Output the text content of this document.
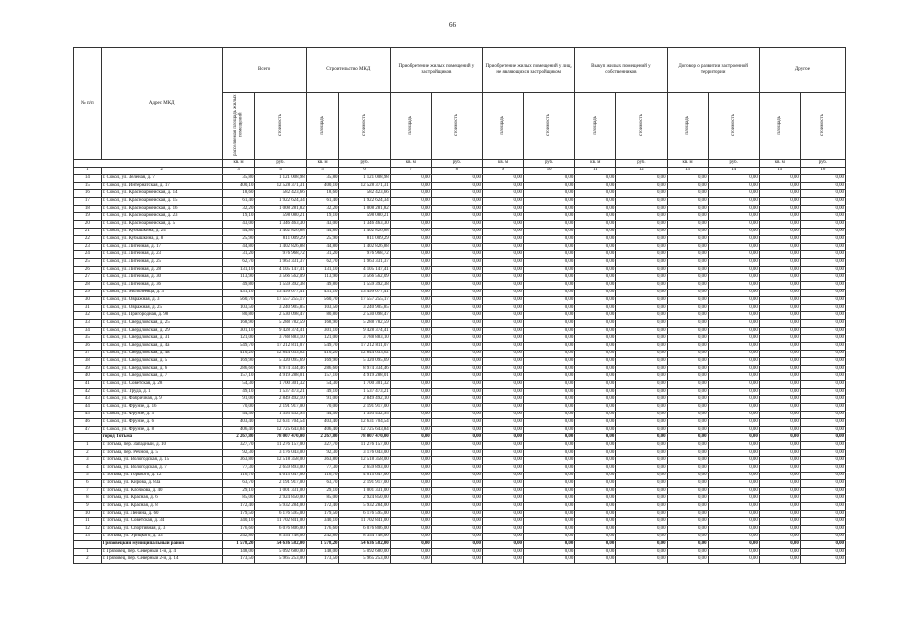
66
№ п/п	Адрес МКД	Всего		Строительство МКД		Приобретение жилых помещений у застройщиков		Приобретение жилых помещений у лиц, не являющихся застройщиком		Выкуп жилых помещений у собственников		Договор о развитии застроенной территории		Другое	
		расселяемая площадь жилых помещений	стоимость	площадь	стоимость	площадь	стоимость	площадь	стоимость	площадь	стоимость	площадь	стоимость	площадь	стоимость
		кв. м	руб.	кв. м	руб.	кв. м	руб.	кв. м	руб.	кв. м	руб.	кв. м	руб.	кв. м	руб.
1	2	3	4	5	6	7	8	9	10	11	12	13	14	15	16
14	г. Сокол, ул. Зеленая, д. 7	35,80	1 121 008,98	35,80	1 121 008,98	0,00	0,00	0,00	0,00	0,00	0,00	0,00	0,00	0,00	0,00
15	г. Сокол, ул. Интернатская, д. 17	400,10	12 528 371,31	400,10	12 528 371,31	0,00	0,00	0,00	0,00	0,00	0,00	0,00	0,00	0,00	0,00
16	г. Сокол, ул. Красноармейская, д. 14	18,60	582 423,66	18,60	582 423,66	0,00	0,00	0,00	0,00	0,00	0,00	0,00	0,00	0,00	0,00
17	г. Сокол, ул. Красноармейская, д. 15	61,40	1 922 624,34	61,40	1 922 624,34	0,00	0,00	0,00	0,00	0,00	0,00	0,00	0,00	0,00	0,00
18	г. Сокол, ул. Красноармейская, д. 16	32,20	1 008 281,82	32,20	1 008 281,82	0,00	0,00	0,00	0,00	0,00	0,00	0,00	0,00	0,00	0,00
19	г. Сокол, ул. Красноармейская, д. 23	19,10	598 080,21	19,10	598 080,21	0,00	0,00	0,00	0,00	0,00	0,00	0,00	0,00	0,00	0,00
20	г. Сокол, ул. Красноармейская, д. 5	43,00	1 346 463,30	43,00	1 346 463,30	0,00	0,00	0,00	0,00	0,00	0,00	0,00	0,00	0,00	0,00
21	г. Сокол, ул. Кубышкина, д. 24	44,80	1 402 826,88	44,80	1 402 826,88	0,00	0,00	0,00	0,00	0,00	0,00	0,00	0,00	0,00	0,00
22	г. Сокол, ул. Кубышкина, д. 8	25,90	811 009,29	25,90	811 009,29	0,00	0,00	0,00	0,00	0,00	0,00	0,00	0,00	0,00	0,00
23	г. Сокол, ул. Литейная, д. 17	44,80	1 402 826,88	44,80	1 402 826,88	0,00	0,00	0,00	0,00	0,00	0,00	0,00	0,00	0,00	0,00
24	г. Сокол, ул. Литейная, д. 23	31,20	976 968,72	31,20	976 968,72	0,00	0,00	0,00	0,00	0,00	0,00	0,00	0,00	0,00	0,00
25	г. Сокол, ул. Литейная, д. 25	62,70	1 963 331,37	62,70	1 963 331,37	0,00	0,00	0,00	0,00	0,00	0,00	0,00	0,00	0,00	0,00
26	г. Сокол, ул. Литейная, д. 28	131,10	4 105 147,41	131,10	4 105 147,41	0,00	0,00	0,00	0,00	0,00	0,00	0,00	0,00	0,00	0,00
27	г. Сокол, ул. Литейная, д. 30	113,90	3 566 562,09	113,90	3 566 562,09	0,00	0,00	0,00	0,00	0,00	0,00	0,00	0,00	0,00	0,00
28	г. Сокол, ул. Литейная, д. 36	49,80	1 559 392,38	49,80	1 559 392,38	0,00	0,00	0,00	0,00	0,00	0,00	0,00	0,00	0,00	0,00
29	г. Сокол, ул. Мололеевца, д. 3	431,10	13 499 077,41	431,10	13 499 077,41	0,00	0,00	0,00	0,00	0,00	0,00	0,00	0,00	0,00	0,00
30	г. Сокол, ул. Овражная, д. 3	560,70	17 557 255,17	560,70	17 557 255,17	0,00	0,00	0,00	0,00	0,00	0,00	0,00	0,00	0,00	0,00
31	г. Сокол, ул. Овражная, д. 25	103,50	3 240 905,85	103,50	3 240 905,85	0,00	0,00	0,00	0,00	0,00	0,00	0,00	0,00	0,00	0,00
32	г. Сокол, ул. Пригородная, д. 98	80,80	2 530 098,47	80,80	2 530 098,47	0,00	0,00	0,00	0,00	0,00	0,00	0,00	0,00	0,00	0,00
33	г. Сокол, ул. Свердловская, д. 25	168,90	5 288 782,59	168,90	5 288 782,59	0,00	0,00	0,00	0,00	0,00	0,00	0,00	0,00	0,00	0,00
34	г. Сокол, ул. Свердловская, д. 29	301,10	9 428 374,41	301,10	9 428 374,41	0,00	0,00	0,00	0,00	0,00	0,00	0,00	0,00	0,00	0,00
35	г. Сокол, ул. Свердловская, д. 31	121,00	3 788 883,10	121,00	3 788 883,10	0,00	0,00	0,00	0,00	0,00	0,00	0,00	0,00	0,00	0,00
36	г. Сокол, ул. Свердловская, д. 4а	549,70	17 212 811,07	549,70	17 212 811,07	0,00	0,00	0,00	0,00	0,00	0,00	0,00	0,00	0,00	0,00
37	г. Сокол, ул. Свердловская, д. 4в	410,20	12 844 633,62	410,20	12 844 633,62	0,00	0,00	0,00	0,00	0,00	0,00	0,00	0,00	0,00	0,00
38	г. Сокол, ул. Свердловская, д. 5	169,90	5 320 095,69	169,90	5 320 095,69	0,00	0,00	0,00	0,00	0,00	0,00	0,00	0,00	0,00	0,00
39	г. Сокол, ул. Свердловская, д. 6	286,60	8 974 334,46	286,60	8 974 334,46	0,00	0,00	0,00	0,00	0,00	0,00	0,00	0,00	0,00	0,00
40	г. Сокол, ул. Свердловская, д. 7	157,10	4 919 288,01	157,10	4 919 288,01	0,00	0,00	0,00	0,00	0,00	0,00	0,00	0,00	0,00	0,00
41	г. Сокол, ул. Советская, д. 28	54,30	1 700 301,32	54,30	1 700 301,32	0,00	0,00	0,00	0,00	0,00	0,00	0,00	0,00	0,00	0,00
42	г. Сокол, ул. Труда, д. 1	49,10	1 537 473,21	49,10	1 537 473,21	0,00	0,00	0,00	0,00	0,00	0,00	0,00	0,00	0,00	0,00
43	г. Сокол, ул. Фабричная, д. 9	91,00	2 849 492,10	91,00	2 849 492,10	0,00	0,00	0,00	0,00	0,00	0,00	0,00	0,00	0,00	0,00
44	г. Сокол, ул. Фрунзе, д. 16	70,00	2 191 917,00	70,00	2 191 917,00	0,00	0,00	0,00	0,00	0,00	0,00	0,00	0,00	0,00	0,00
45	г. Сокол, ул. Фрунзе, д. 5	44,50	1 393 432,95	44,50	1 393 432,95	0,00	0,00	0,00	0,00	0,00	0,00	0,00	0,00	0,00	0,00
46	г. Сокол, ул. Фрунзе, д. 6	403,40	12 631 704,54	403,40	12 631 704,54	0,00	0,00	0,00	0,00	0,00	0,00	0,00	0,00	0,00	0,00
47	г. Сокол, ул. Фрунзе, д. 8	406,40	12 725 643,84	406,40	12 725 643,84	0,00	0,00	0,00	0,00	0,00	0,00	0,00	0,00	0,00	0,00
	город Тотьма	2 267,80	78 007 470,00	2 267,80	78 007 470,00	0,00	0,00	0,00	0,00	0,00	0,00	0,00	0,00	0,00	0,00
1	г. Тотьма, пер. Западный, д. 10	327,70	11 276 157,00	327,70	11 276 157,00	0,00	0,00	0,00	0,00	0,00	0,00	0,00	0,00	0,00	0,00
2	г. Тотьма, пер. Речной, д. 5	92,30	3 176 043,00	92,30	3 176 043,00	0,00	0,00	0,00	0,00	0,00	0,00	0,00	0,00	0,00	0,00
3	г. Тотьма, ул. Вологодская, д. 15	363,80	12 518 358,00	363,80	12 518 358,00	0,00	0,00	0,00	0,00	0,00	0,00	0,00	0,00	0,00	0,00
4	г. Тотьма, ул. Вологодская, д. 7	77,30	2 659 893,00	77,30	2 659 893,00	0,00	0,00	0,00	0,00	0,00	0,00	0,00	0,00	0,00	0,00
5	г. Тотьма, ул. Горького, д. 12	116,70	4 015 647,00	116,70	4 015 647,00	0,00	0,00	0,00	0,00	0,00	0,00	0,00	0,00	0,00	0,00
6	г. Тотьма, ул. Кирова, д. 83а	63,70	2 191 917,00	63,70	2 191 917,00	0,00	0,00	0,00	0,00	0,00	0,00	0,00	0,00	0,00	0,00
7	г. Тотьма, ул. Клочкова, д. 40	29,10	1 001 331,00	29,10	1 001 331,00	0,00	0,00	0,00	0,00	0,00	0,00	0,00	0,00	0,00	0,00
8	г. Тотьма, ул. Красная, д. 6	85,00	2 924 850,00	85,00	2 924 850,00	0,00	0,00	0,00	0,00	0,00	0,00	0,00	0,00	0,00	0,00
9	г. Тотьма, ул. Красная, д. 8	172,40	5 932 284,00	172,40	5 932 284,00	0,00	0,00	0,00	0,00	0,00	0,00	0,00	0,00	0,00	0,00
10	г. Тотьма, ул. Ленина, д. 60	179,50	6 176 595,00	179,50	6 176 595,00	0,00	0,00	0,00	0,00	0,00	0,00	0,00	0,00	0,00	0,00
11	г. Тотьма, ул. Советская, д. 34	340,10	11 702 841,00	340,10	11 702 841,00	0,00	0,00	0,00	0,00	0,00	0,00	0,00	0,00	0,00	0,00
12	г. Тотьма, ул. Спортивная, д. 3	176,60	6 076 806,00	176,60	6 076 806,00	0,00	0,00	0,00	0,00	0,00	0,00	0,00	0,00	0,00	0,00
13	г. Тотьма, ул. Урицкого, д. 33	242,80	8 354 748,00	242,80	8 354 748,00	0,00	0,00	0,00	0,00	0,00	0,00	0,00	0,00	0,00	0,00
	Грязовецкий муниципальный район	1 578,20	54 636 582,00	1 578,20	54 636 582,00	0,00	0,00	0,00	0,00	0,00	0,00	0,00	0,00	0,00	0,00
1	г. Грязовец, пер. Северный 1-й, д. 4	148,00	5 092 680,00	148,00	5 092 680,00	0,00	0,00	0,00	0,00	0,00	0,00	0,00	0,00	0,00	0,00
2	г. Грязовец, пер. Северный 2-й, д. 14	173,50	5 965 253,00	173,50	5 965 253,00	0,00	0,00	0,00	0,00	0,00	0,00	0,00	0,00	0,00	0,00
